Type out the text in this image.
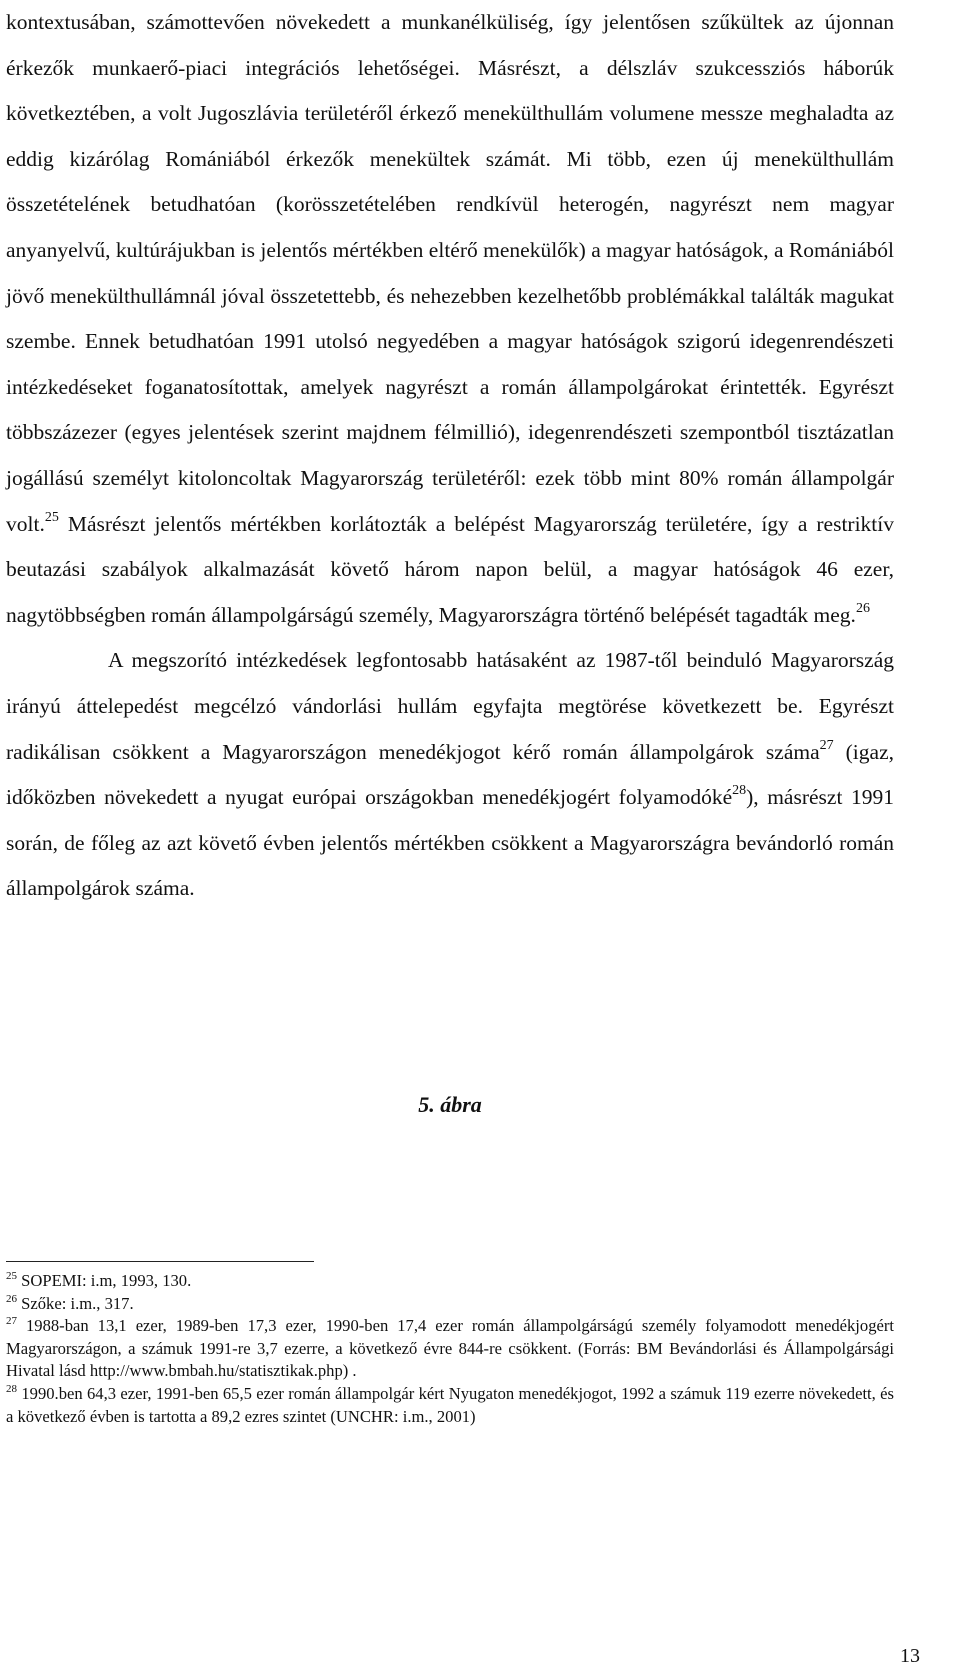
kontextusában, számottevően növekedett a munkanélküliség, így jelentősen szűkültek az újonnan érkezők munkaerő-piaci integrációs lehetőségei. Másrészt, a délszláv szukcessziós háborúk következtében, a volt Jugoszlávia területéről érkező menekülthullám volumene messze meghaladta az eddig kizárólag Romániából érkezők menekültek számát. Mi több, ezen új menekülthullám összetételének betudhatóan (korösszetételében rendkívül heterogén, nagyrészt nem magyar anyanyelvű, kultúrájukban is jelentős mértékben eltérő menekülők) a magyar hatóságok, a Romániából jövő menekülthullámnál jóval összetettebb, és nehezebben kezelhetőbb problémákkal találták magukat szembe. Ennek betudhatóan 1991 utolsó negyedében a magyar hatóságok szigorú idegenrendészeti intézkedéseket foganatosítottak, amelyek nagyrészt a román állampolgárokat érintették. Egyrészt többszázezer (egyes jelentések szerint majdnem félmillió), idegenrendészeti szempontból tisztázatlan jogállású személyt kitoloncoltak Magyarország területéről: ezek több mint 80% román állampolgár volt.$^{25}$ Másrészt jelentős mértékben korlátozták a belépést Magyarország területére, így a restriktív beutazási szabályok alkalmazását követő három napon belül, a magyar hatóságok 46 ezer, nagytöbbségben román állampolgárságú személy, Magyarországra történő belépését tagadták meg.$^{26}$

A megszorító intézkedések legfontosabb hatásaként az 1987-től beinduló Magyarország irányú áttelepedést megcélzó vándorlási hullám egyfajta megtörése következett be. Egyrészt radikálisan csökkent a Magyarországon menedékjogot kérő román állampolgárok száma$^{27}$ (igaz, időközben növekedett a nyugat európai országokban menedékjogért folyamodóké$^{28}$), másrészt 1991 során, de főleg az azt követő évben jelentős mértékben csökkent a Magyarországra bevándorló román állampolgárok száma.

5. ábra

$^{25}$ SOPEMI: i.m, 1993, 130.

$^{26}$ Szőke: i.m., 317.

$^{27}$ 1988-ban 13,1 ezer, 1989-ben 17,3 ezer, 1990-ben 17,4 ezer román állampolgárságú személy folyamodott menedékjogért Magyarországon, a számuk 1991-re 3,7 ezerre, a következő évre 844-re csökkent. (Forrás: BM Bevándorlási és Állampolgársági Hivatal lásd http://www.bmbah.hu/statisztikak.php) .

$^{28}$ 1990.ben 64,3 ezer, 1991-ben 65,5 ezer román állampolgár kért Nyugaton menedékjogot, 1992 a számuk 119 ezerre növekedett, és a következő évben is tartotta a 89,2 ezres szintet (UNCHR: i.m., 2001)

13
